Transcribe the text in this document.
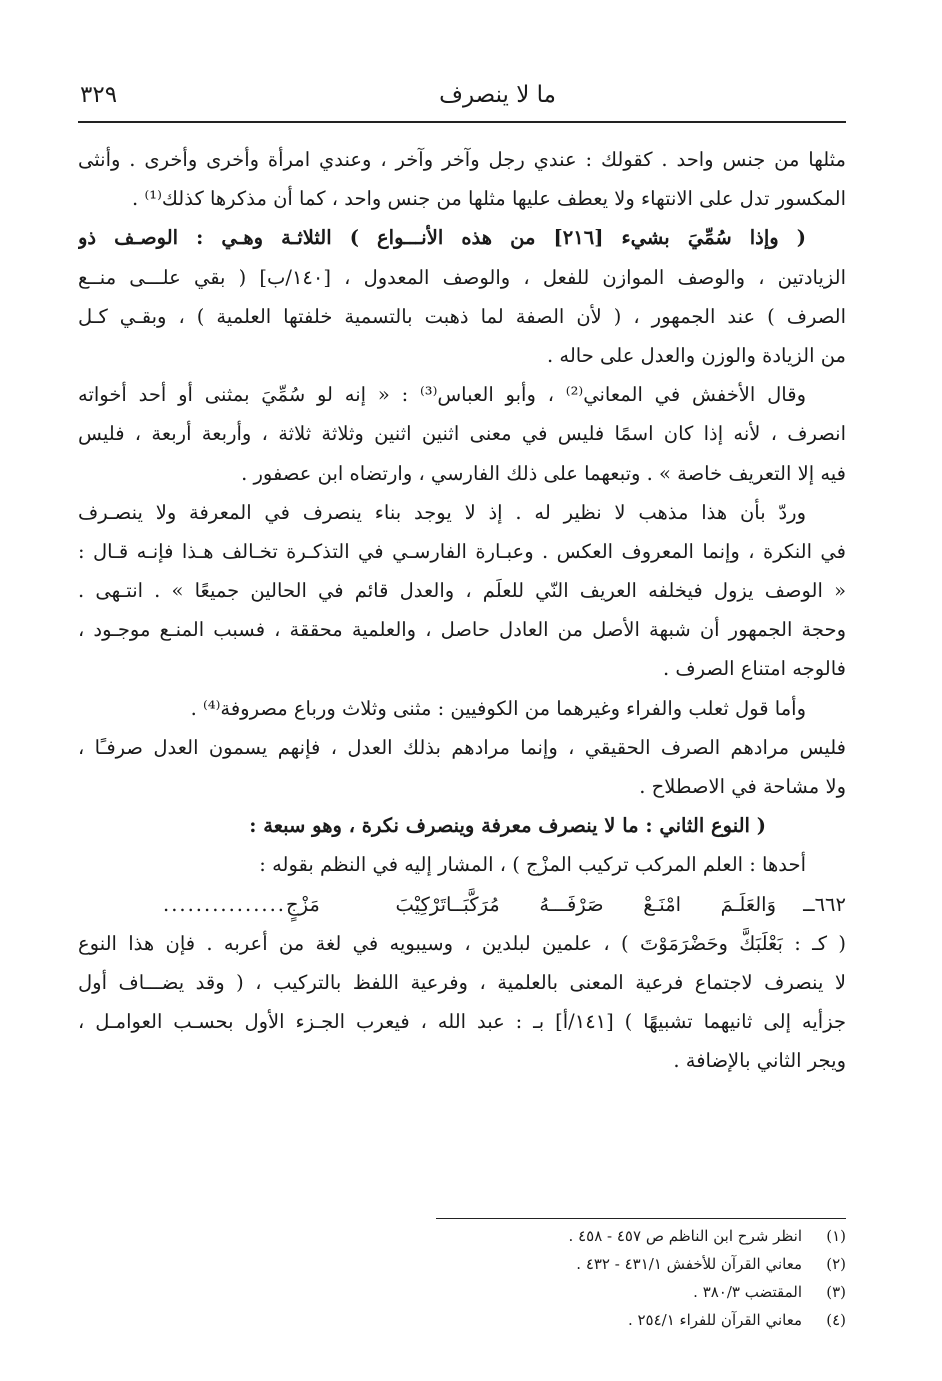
ما لا ينصرف
٣٢٩
مثلها من جنس واحد . كقولك : عندي رجل وآخر وآخر ، وعندي امرأة وأخرى وأخرى . وأنثى
المكسور تدل على الانتهاء ولا يعطف عليها مثلها من جنس واحد ، كما أن مذكرها كذلك⁽¹⁾ .
( وإذا سُمِّيَ بشيء [٢١٦] من هذه الأنـــواع ) الثلاثـة وهـي : الوصـف ذو
الزيادتين ، والوصف الموازن للفعل ، والوصف المعدول ، [١٤٠/ب] ( بقي علـــى منــع
الصرف ) عند الجمهور ، ( لأن الصفة لما ذهبت بالتسمية خلفتها العلمية ) ، وبقـي كـل
من الزيادة والوزن والعدل على حاله .
وقال الأخفش في المعاني⁽²⁾ ، وأبو العباس⁽³⁾ : « إنه لو سُمِّيَ بمثنى أو أحد أخواته
انصرف ، لأنه إذا كان اسمًا فليس في معنى اثنين اثنين وثلاثة ثلاثة ، وأربعة أربعة ، فليس
فيه إلا التعريف خاصة » . وتبعهما على ذلك الفارسي ، وارتضاه ابن عصفور .
وردّ بأن هذا مذهب لا نظير له . إذ لا يوجد بناء ينصرف في المعرفة ولا ينصـرف
في النكرة ، وإنما المعروف العكس . وعبـارة الفارسـي في التذكـرة تخـالف هـذا فإنـه قـال :
« الوصف يزول فيخلفه العريف النّي للعلَم ، والعدل قائم في الحالين جميعًا » . انتـهى .
وحجة الجمهور أن شبهة الأصل من العادل حاصل ، والعلمية محققة ، فسبب المنـع موجـود ،
فالوجه امتناع الصرف .
وأما قول ثعلب والفراء وغيرهما من الكوفيين : مثنى وثلاث ورباع مصروفة⁽⁴⁾ .
فليس مرادهم الصرف الحقيقي ، وإنما مرادهم بذلك العدل ، فإنهم يسمون العدل صرفـًا ،
ولا مشاحة في الاصطلاح .
( النوع الثاني : ما لا ينصرف معرفة وينصرف نكرة ، وهو سبعة :
أحدها : العلم المركب تركيب المزْج ) ، المشار إليه في النظم بقوله :
٦٦٢ــ
وَالعَلَـمَ امْنَـعْ صَرْفَـــهُ مُرَكَّبَــا
تَرْكِيْبَ مَزْجٍ
...............
( كـ : بَعْلَبَكَّ وحَضْرَمَوْتَ ) ، علمين لبلدين ، وسيبويه في لغة من أعربه . فإن هذا النوع
لا ينصرف لاجتماع فرعية المعنى بالعلمية ، وفرعية اللفظ بالتركيب ، ( وقد يضـــاف أول
جزأيه إلى ثانيهما تشبيهًا ) [١٤١/أ] بـ : عبد الله ، فيعرب الجـزء الأول بحسـب العوامـل ،
ويجر الثاني بالإضافة .
(١)
انظر شرح ابن الناظم ص ٤٥٧ - ٤٥٨ .
(٢)
معاني القرآن للأخفش ٤٣١/١ - ٤٣٢ .
(٣)
المقتضب ٣٨٠/٣ .
(٤)
معاني القرآن للفراء ٢٥٤/١ .
